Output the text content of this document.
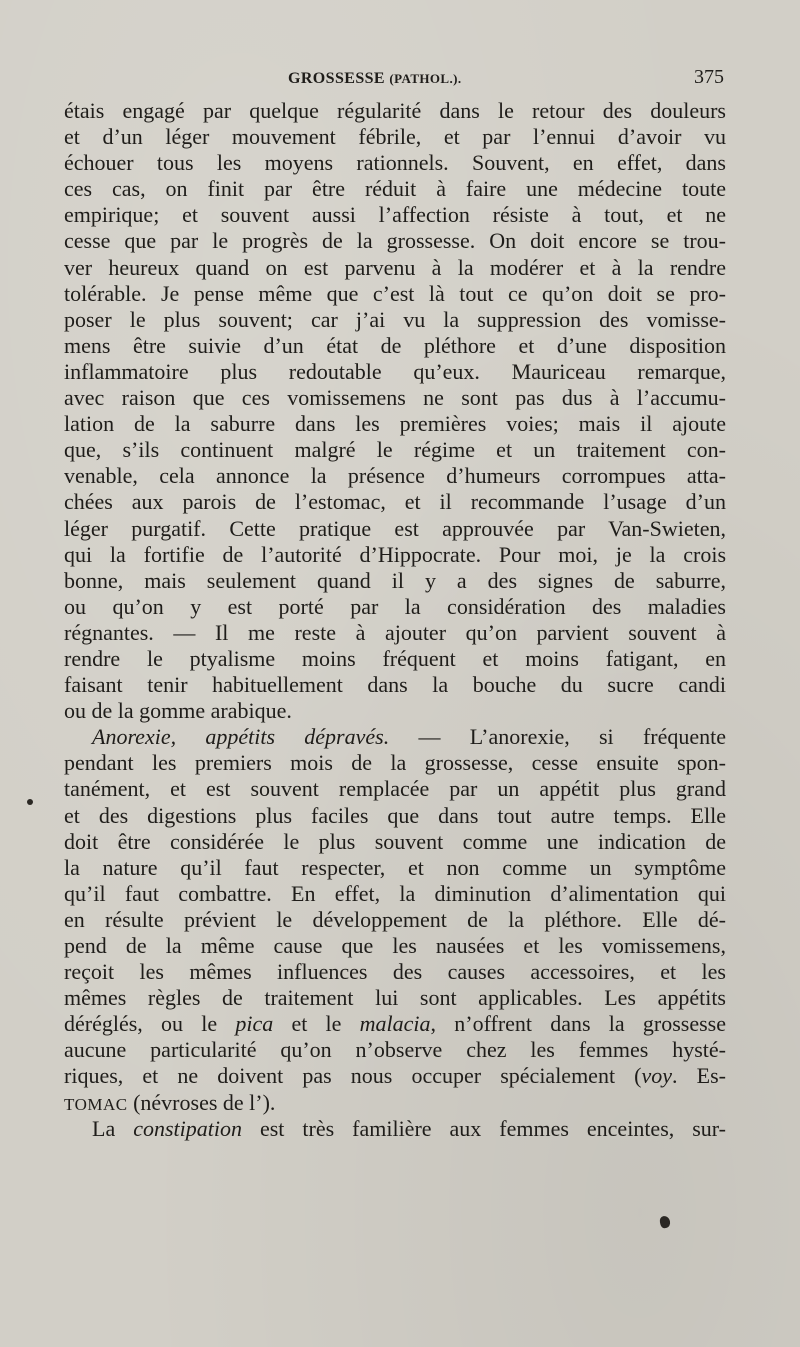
GROSSESSE (PATHOL.).	375
étais engagé par quelque régularité dans le retour des douleurs
et d’un léger mouvement fébrile, et par l’ennui d’avoir vu
échouer tous les moyens rationnels. Souvent, en effet, dans
ces cas, on finit par être réduit à faire une médecine toute
empirique; et souvent aussi l’affection résiste à tout, et ne
cesse que par le progrès de la grossesse. On doit encore se trou-
ver heureux quand on est parvenu à la modérer et à la rendre
tolérable. Je pense même que c’est là tout ce qu’on doit se pro-
poser le plus souvent; car j’ai vu la suppression des vomisse-
mens être suivie d’un état de pléthore et d’une disposition
inflammatoire plus redoutable qu’eux. Mauriceau remarque,
avec raison que ces vomissemens ne sont pas dus à l’accumu-
lation de la saburre dans les premières voies; mais il ajoute
que, s’ils continuent malgré le régime et un traitement con-
venable, cela annonce la présence d’humeurs corrompues atta-
chées aux parois de l’estomac, et il recommande l’usage d’un
léger purgatif. Cette pratique est approuvée par Van-Swieten,
qui la fortifie de l’autorité d’Hippocrate. Pour moi, je la crois
bonne, mais seulement quand il y a des signes de saburre,
ou qu’on y est porté par la considération des maladies
régnantes. — Il me reste à ajouter qu’on parvient souvent à
rendre le ptyalisme moins fréquent et moins fatigant, en
faisant tenir habituellement dans la bouche du sucre candi
ou de la gomme arabique.
Anorexie, appétits dépravés. — L’anorexie, si fréquente
pendant les premiers mois de la grossesse, cesse ensuite spon-
tanément, et est souvent remplacée par un appétit plus grand
et des digestions plus faciles que dans tout autre temps. Elle
doit être considérée le plus souvent comme une indication de
la nature qu’il faut respecter, et non comme un symptôme
qu’il faut combattre. En effet, la diminution d’alimentation qui
en résulte prévient le développement de la pléthore. Elle dé-
pend de la même cause que les nausées et les vomissemens,
reçoit les mêmes influences des causes accessoires, et les
mêmes règles de traitement lui sont applicables. Les appétits
déréglés, ou le pica et le malacia, n’offrent dans la grossesse
aucune particularité qu’on n’observe chez les femmes hysté-
riques, et ne doivent pas nous occuper spécialement (voy. Es-
TOMAC (névroses de l’).
La constipation est très familière aux femmes enceintes, sur-
